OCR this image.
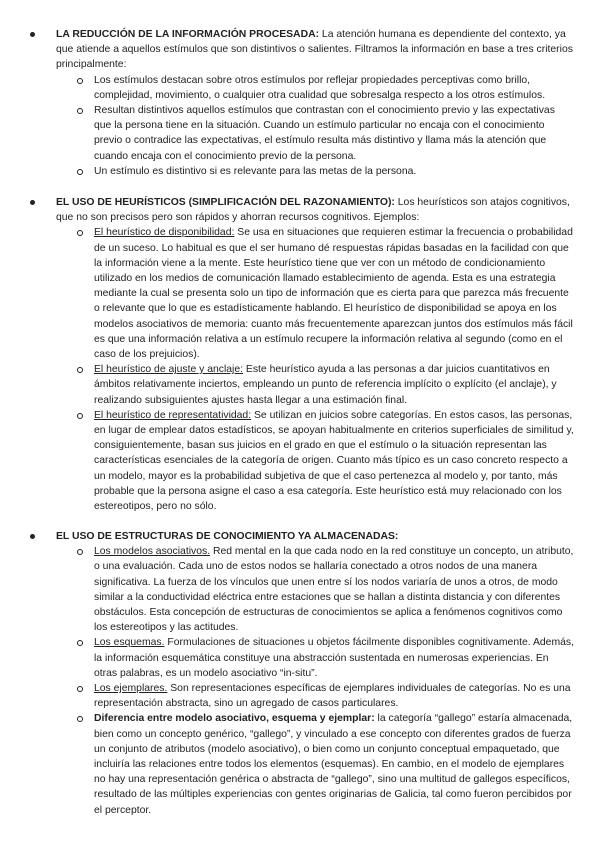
LA REDUCCIÓN DE LA INFORMACIÓN PROCESADA: La atención humana es dependiente del contexto, ya que atiende a aquellos estímulos que son distintivos o salientes. Filtramos la información en base a tres criterios principalmente:

Los estímulos destacan sobre otros estímulos por reflejar propiedades perceptivas como brillo, complejidad, movimiento, o cualquier otra cualidad que sobresalga respecto a los otros estímulos.

Resultan distintivos aquellos estímulos que contrastan con el conocimiento previo y las expectativas que la persona tiene en la situación. Cuando un estímulo particular no encaja con el conocimiento previo o contradice las expectativas, el estímulo resulta más distintivo y llama más la atención que cuando encaja con el conocimiento previo de la persona.

Un estímulo es distintivo si es relevante para las metas de la persona.

EL USO DE HEURÍSTICOS (SIMPLIFICACIÓN DEL RAZONAMIENTO): Los heurísticos son atajos cognitivos, que no son precisos pero son rápidos y ahorran recursos cognitivos. Ejemplos:

El heurístico de disponibilidad: Se usa en situaciones que requieren estimar la frecuencia o probabilidad de un suceso. Lo habitual es que el ser humano dé respuestas rápidas basadas en la facilidad con que la información viene a la mente. Este heurístico tiene que ver con un método de condicionamiento utilizado en los medios de comunicación llamado establecimiento de agenda. Esta es una estrategia mediante la cual se presenta solo un tipo de información que es cierta para que parezca más frecuente o relevante que lo que es estadísticamente hablando. El heurístico de disponibilidad se apoya en los modelos asociativos de memoria: cuanto más frecuentemente aparezcan juntos dos estímulos más fácil es que una información relativa a un estímulo recupere la información relativa al segundo (como en el caso de los prejuicios).

El heurístico de ajuste y anclaje: Este heurístico ayuda a las personas a dar juicios cuantitativos en ámbitos relativamente inciertos, empleando un punto de referencia implícito o explícito (el anclaje), y realizando subsiguientes ajustes hasta llegar a una estimación final.

El heurístico de representatividad: Se utilizan en juicios sobre categorías. En estos casos, las personas, en lugar de emplear datos estadísticos, se apoyan habitualmente en criterios superficiales de similitud y, consiguientemente, basan sus juicios en el grado en que el estímulo o la situación representan las características esenciales de la categoría de origen. Cuanto más típico es un caso concreto respecto a un modelo, mayor es la probabilidad subjetiva de que el caso pertenezca al modelo y, por tanto, más probable que la persona asigne el caso a esa categoría. Este heurístico está muy relacionado con los estereotipos, pero no sólo.

EL USO DE ESTRUCTURAS DE CONOCIMIENTO YA ALMACENADAS:

Los modelos asociativos. Red mental en la que cada nodo en la red constituye un concepto, un atributo, o una evaluación. Cada uno de estos nodos se hallaría conectado a otros nodos de una manera significativa. La fuerza de los vínculos que unen entre sí los nodos variaría de unos a otros, de modo similar a la conductividad eléctrica entre estaciones que se hallan a distinta distancia y con diferentes obstáculos. Esta concepción de estructuras de conocimientos se aplica a fenómenos cognitivos como los estereotipos y las actitudes.

Los esquemas. Formulaciones de situaciones u objetos fácilmente disponibles cognitivamente. Además, la información esquemática constituye una abstracción sustentada en numerosas experiencias. En otras palabras, es un modelo asociativo “in-situ”.

Los ejemplares. Son representaciones específicas de ejemplares individuales de categorías. No es una representación abstracta, sino un agregado de casos particulares.

Diferencia entre modelo asociativo, esquema y ejemplar: la categoría “gallego” estaría almacenada, bien como un concepto genérico, “gallego”, y vinculado a ese concepto con diferentes grados de fuerza un conjunto de atributos (modelo asociativo), o bien como un conjunto conceptual empaquetado, que incluiría las relaciones entre todos los elementos (esquemas). En cambio, en el modelo de ejemplares no hay una representación genérica o abstracta de “gallego”, sino una multitud de gallegos específicos, resultado de las múltiples experiencias con gentes originarias de Galicia, tal como fueron percibidos por el perceptor.
